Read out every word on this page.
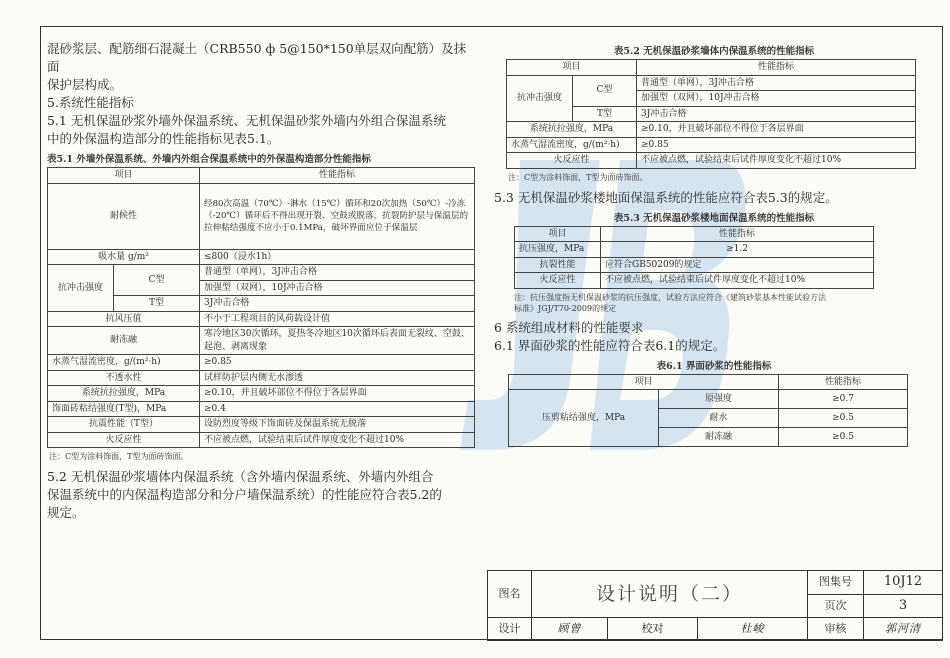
混砂浆层、配筋细石混凝土（CRB550 ф 5@150*150单层双向配筋）及抹面

保护层构成。

5.系统性能指标

5.1 无机保温砂浆外墙外保温系统、无机保温砂浆外墙内外组合保温系统

中的外保温构造部分的性能指标见表5.1。

表5.1 外墙外保温系统、外墙内外组合保温系统中的外保温构造部分性能指标
项目		性能指标
耐候性		经80次高温（70℃）-淋水（15℃）循环和20次加热（50℃）-冷冻（-20℃）循环后不得出现开裂、空鼓或脱落，抗裂防护层与保温层的拉伸粘结强度不应小于0.1MPa，破坏界面应位于保温层
吸水量 g/m²		≤800（浸水1h）
抗冲击强度	C型	普通型（单网），3J冲击合格
		加强型（双网），10J冲击合格
	T型	3J冲击合格
抗风压值		不小于工程项目的风荷载设计值
耐冻融		寒冷地区30次循环，夏热冬冷地区10次循环后表面无裂纹、空鼓、起泡、剥离现象
水蒸气湿流密度，g/(m²·h)		≥0.85
不透水性		试样防护层内侧无水渗透
系统抗拉强度，MPa		≥0.10，并且破坏部位不得位于各层界面
饰面砖粘结强度(T型)，MPa		≥0.4
抗震性能（T型）		设防烈度等级下饰面砖及保温系统无脱落
火反应性		不应被点燃，试验结束后试件厚度变化不超过10%
注：C型为涂料饰面，T型为面砖饰面。

5.2 无机保温砂浆墙体内保温系统（含外墙内保温系统、外墙内外组合

保温系统中的内保温构造部分和分户墙保温系统）的性能应符合表5.2的

规定。

表5.2 无机保温砂浆墙体内保温系统的性能指标
项目		性能指标
抗冲击强度	C型	普通型（单网），3J冲击合格
		加强型（双网），10J冲击合格
	T型	3J冲击合格
系统抗拉强度，MPa		≥0.10，并且破坏部位不得位于各层界面
水蒸气湿流密度，g/(m²·h)		≥0.85
火反应性		不应被点燃，试验结束后试件厚度变化不超过10%
注：C型为涂料饰面，T型为面砖饰面。

5.3 无机保温砂浆楼地面保温系统的性能应符合表5.3的规定。

表5.3 无机保温砂浆楼地面保温系统的性能指标
项目	性能指标
抗压强度，MPa	≥1.2
抗裂性能	应符合GB50209的规定
火反应性	不应被点燃，试验结束后试件厚度变化不超过10%
注：抗压强度指无机保温砂浆的抗压强度，试验方法应符合《建筑砂浆基本性能试验方法
标准》JGJ/T70-2009的规定

6 系统组成材料的性能要求

6.1 界面砂浆的性能应符合表6.1的规定。

表6.1 界面砂浆的性能指标
项目		性能指标
压剪粘结强度，MPa	原强度	≥0.7
	耐水	≥0.5
	耐冻融	≥0.5
图名	设计说明（二）			图集号	10J12
				页次	3
设计	顾曾	校对	杜峻	审核	郭河清
